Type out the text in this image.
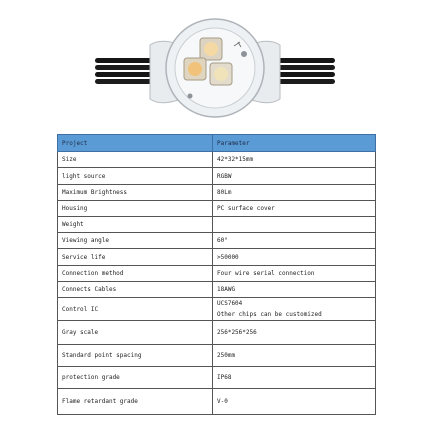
Project	Parameter
Size	42*32*15mm
light source	RGBW
Maximum Brightness	80Lm
Housing	PC surface cover
Weight	
Viewing angle	60°
Service life	>50000
Connection method	Four wire serial connection
Connects Cables	18AWG
Control IC	UCS7604
Other chips can be customized

Gray scale	256*256*256
Standard point spacing	250mm
protection grade	IP68
Flame retardant grade	V-0
